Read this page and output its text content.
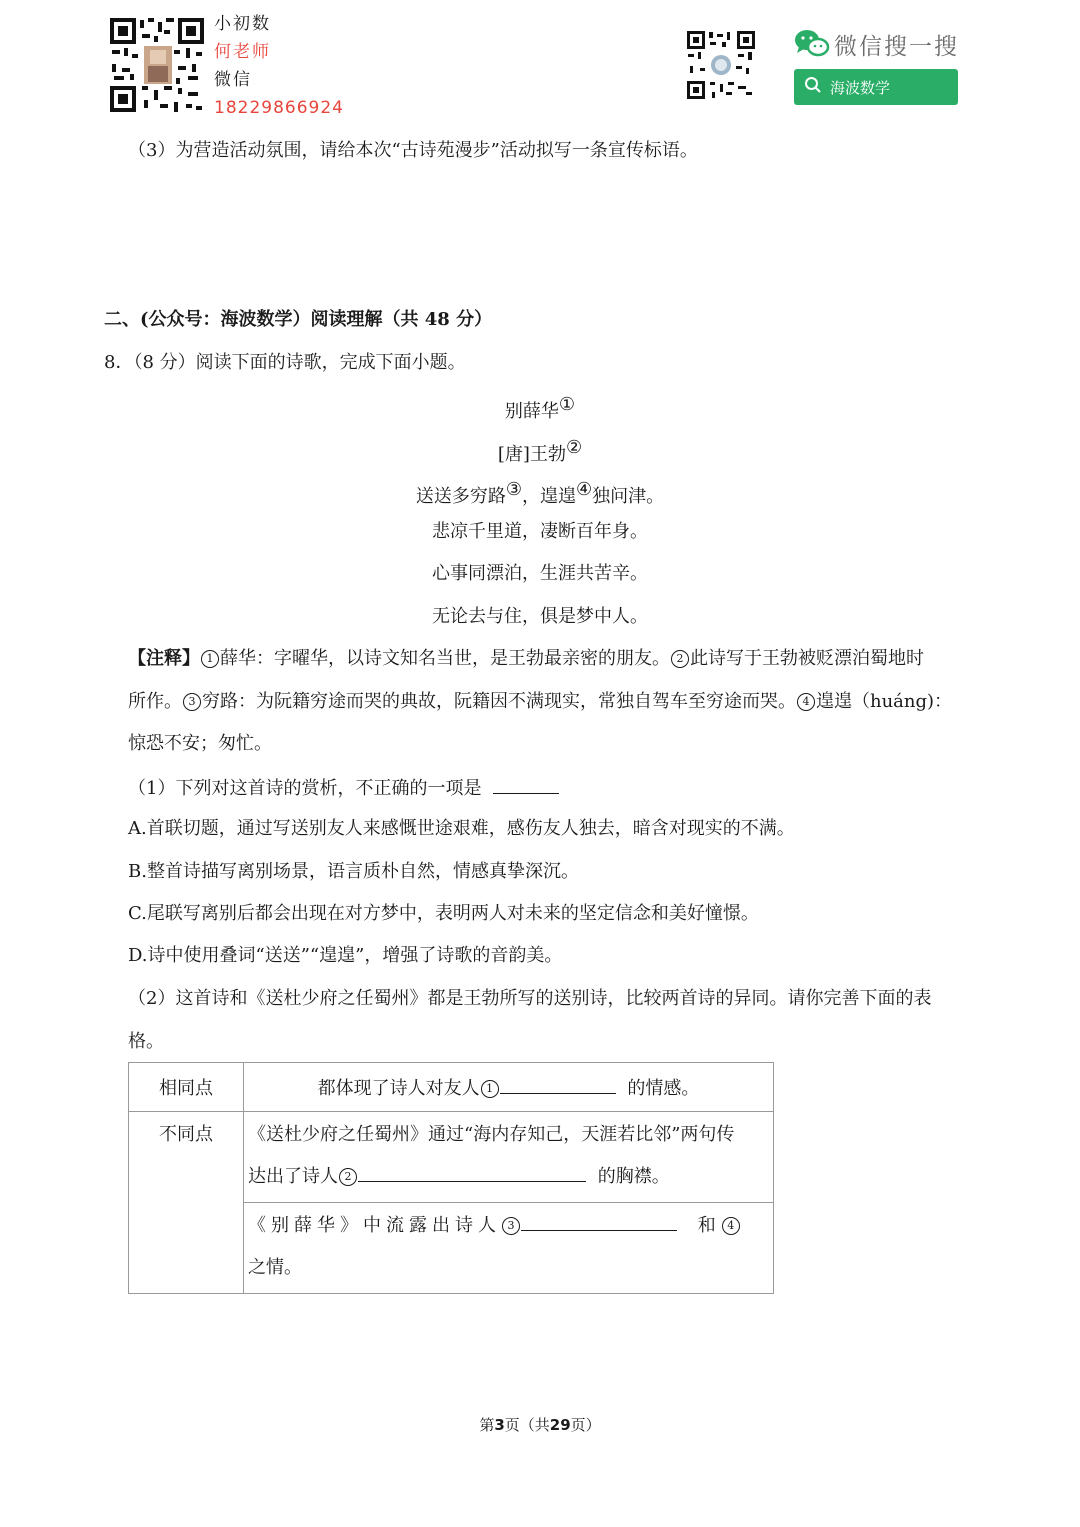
小初数
何老师
微信
18229866924
微信搜一搜
海波数学
（3）为营造活动氛围，请给本次“古诗苑漫步”活动拟写一条宣传标语。
二、(公众号：海波数学）阅读理解（共 48 分）
8．（8 分）阅读下面的诗歌，完成下面小题。
别薛华①
[唐]王勃②
送送多穷路③，遑遑④独问津。
悲凉千里道，凄断百年身。
心事同漂泊，生涯共苦辛。
无论去与住，俱是梦中人。
【注释】 1 薛华：字曜华，以诗文知名当世，是王勃最亲密的朋友。 2 此诗写于王勃被贬漂泊蜀地时
所作。 3 穷路：为阮籍穷途而哭的典故，阮籍因不满现实，常独自驾车至穷途而哭。 4 遑遑（huáng)：
惊恐不安；匆忙。
（1）下列对这首诗的赏析，不正确的一项是
A.首联切题，通过写送别友人来感慨世途艰难，感伤友人独去，暗含对现实的不满。
B.整首诗描写离别场景，语言质朴自然，情感真挚深沉。
C.尾联写离别后都会出现在对方梦中，表明两人对未来的坚定信念和美好憧憬。
D.诗中使用叠词“送送”“遑遑”，增强了诗歌的音韵美。
（2）这首诗和《送杜少府之任蜀州》都是王勃所写的送别诗，比较两首诗的异同。请你完善下面的表
格。
相同点	都体现了诗人对友人 1 的情感。
不同点	《送杜少府之任蜀州》通过“海内存知己，天涯若比邻”两句传
达出了诗人 2 的胸襟。

	《别薛华》中流露出诗人 3 和 4
之情。
第3页（共29页）
